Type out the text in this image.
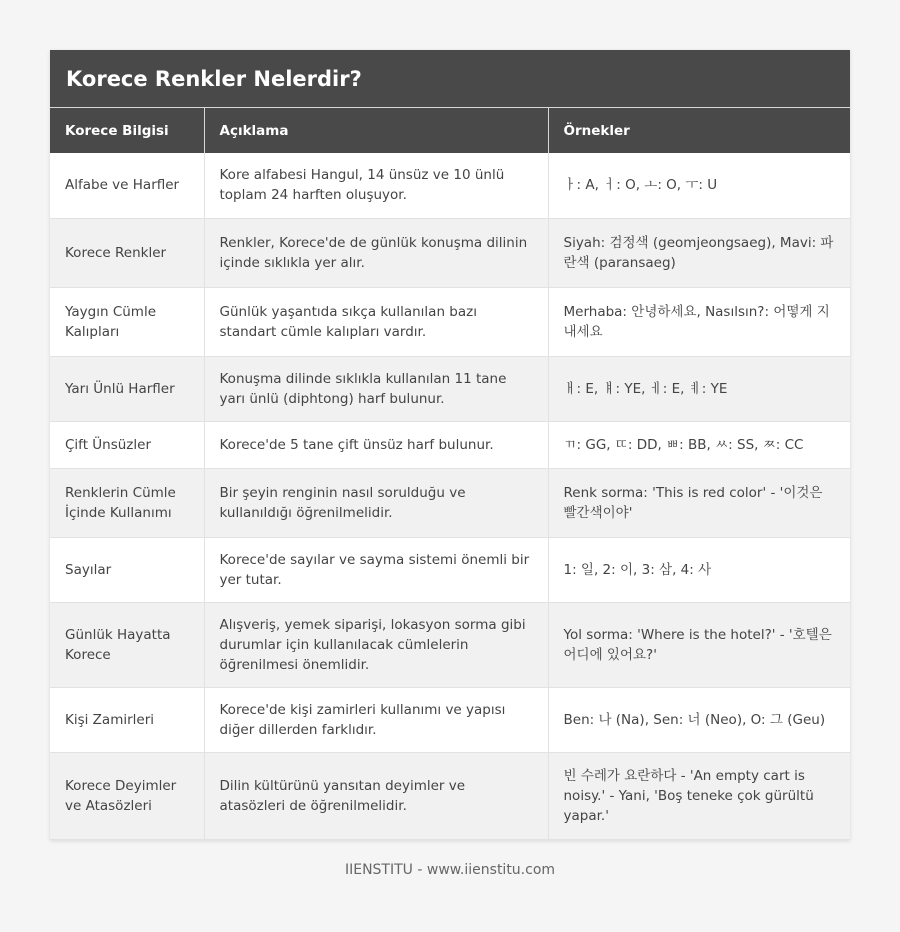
Korece Renkler Nelerdir?
Korece Bilgisi	Açıklama	Örnekler
Alfabe ve Harfler	Kore alfabesi Hangul, 14 ünsüz ve 10 ünlü toplam 24 harften oluşuyor.	ㅏ: A, ㅓ: O, ㅗ: O, ㅜ: U
Korece Renkler	Renkler, Korece'de de günlük konuşma dilinin içinde sıklıkla yer alır.	Siyah: 검정색 (geomjeongsaeg), Mavi: 파란색 (paransaeg)
Yaygın Cümle Kalıpları	Günlük yaşantıda sıkça kullanılan bazı standart cümle kalıpları vardır.	Merhaba: 안녕하세요, Nasılsın?: 어떻게 지내세요
Yarı Ünlü Harfler	Konuşma dilinde sıklıkla kullanılan 11 tane yarı ünlü (diphtong) harf bulunur.	ㅐ: E, ㅒ: YE, ㅔ: E, ㅖ: YE
Çift Ünsüzler	Korece'de 5 tane çift ünsüz harf bulunur.	ㄲ: GG, ㄸ: DD, ㅃ: BB, ㅆ: SS, ㅉ: CC
Renklerin Cümle İçinde Kullanımı	Bir şeyin renginin nasıl sorulduğu ve kullanıldığı öğrenilmelidir.	Renk sorma: 'This is red color' - '이것은 빨간색이야'
Sayılar	Korece'de sayılar ve sayma sistemi önemli bir yer tutar.	1: 일, 2: 이, 3: 삼, 4: 사
Günlük Hayatta Korece	Alışveriş, yemek siparişi, lokasyon sorma gibi durumlar için kullanılacak cümlelerin öğrenilmesi önemlidir.	Yol sorma: 'Where is the hotel?' - '호텔은 어디에 있어요?'
Kişi Zamirleri	Korece'de kişi zamirleri kullanımı ve yapısı diğer dillerden farklıdır.	Ben: 나 (Na), Sen: 너 (Neo), O: 그 (Geu)
Korece Deyimler ve Atasözleri	Dilin kültürünü yansıtan deyimler ve atasözleri de öğrenilmelidir.	빈 수레가 요란하다 - 'An empty cart is noisy.' - Yani, 'Boş teneke çok gürültü yapar.'
IIENSTITU - www.iienstitu.com
